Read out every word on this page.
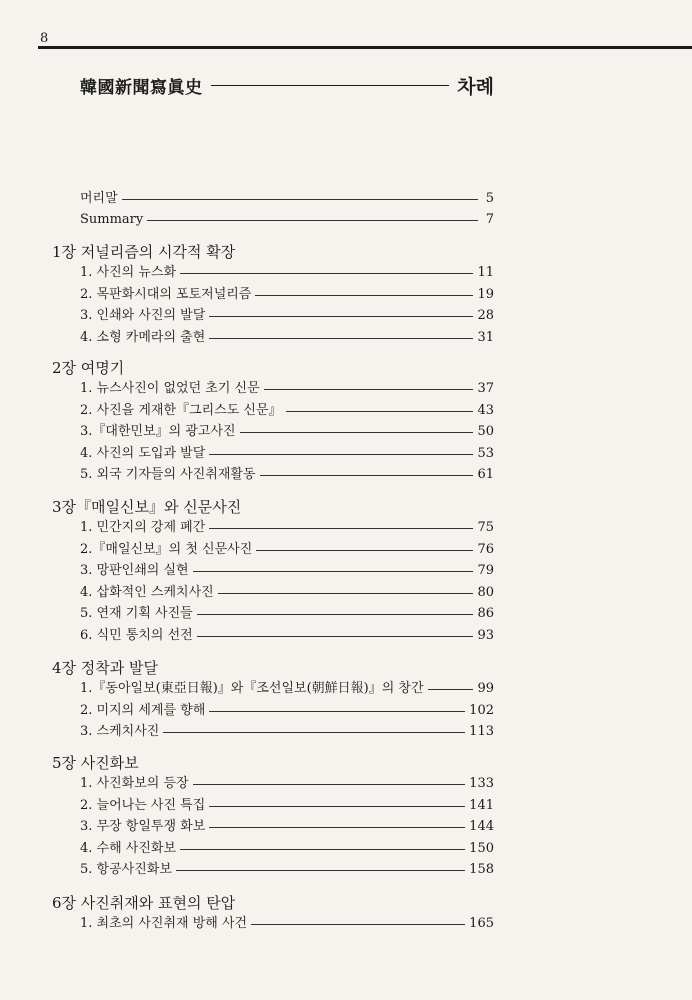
8
韓國新聞寫眞史	차례
머리말	5
Summary	7
1장 저널리즘의 시각적 확장
1. 사진의 뉴스화	11
2. 목판화시대의 포토저널리즘	19
3. 인쇄와 사진의 발달	28
4. 소형 카메라의 출현	31
2장 여명기
1. 뉴스사진이 없었던 초기 신문	37
2. 사진을 게재한『그리스도 신문』	43
3.『대한민보』의 광고사진	50
4. 사진의 도입과 발달	53
5. 외국 기자들의 사진취재활동	61
3장『매일신보』와 신문사진
1. 민간지의 강제 폐간	75
2.『매일신보』의 첫 신문사진	76
3. 망판인쇄의 실현	79
4. 삽화적인 스케치사진	80
5. 연재 기획 사진들	86
6. 식민 통치의 선전	93
4장 정착과 발달
1.『동아일보(東亞日報)』와『조선일보(朝鮮日報)』의 창간	99
2. 미지의 세계를 향해	102
3. 스케치사진	113
5장 사진화보
1. 사진화보의 등장	133
2. 늘어나는 사진 특집	141
3. 무장 항일투쟁 화보	144
4. 수해 사진화보	150
5. 항공사진화보	158
6장 사진취재와 표현의 탄압
1. 최초의 사진취재 방해 사건	165
